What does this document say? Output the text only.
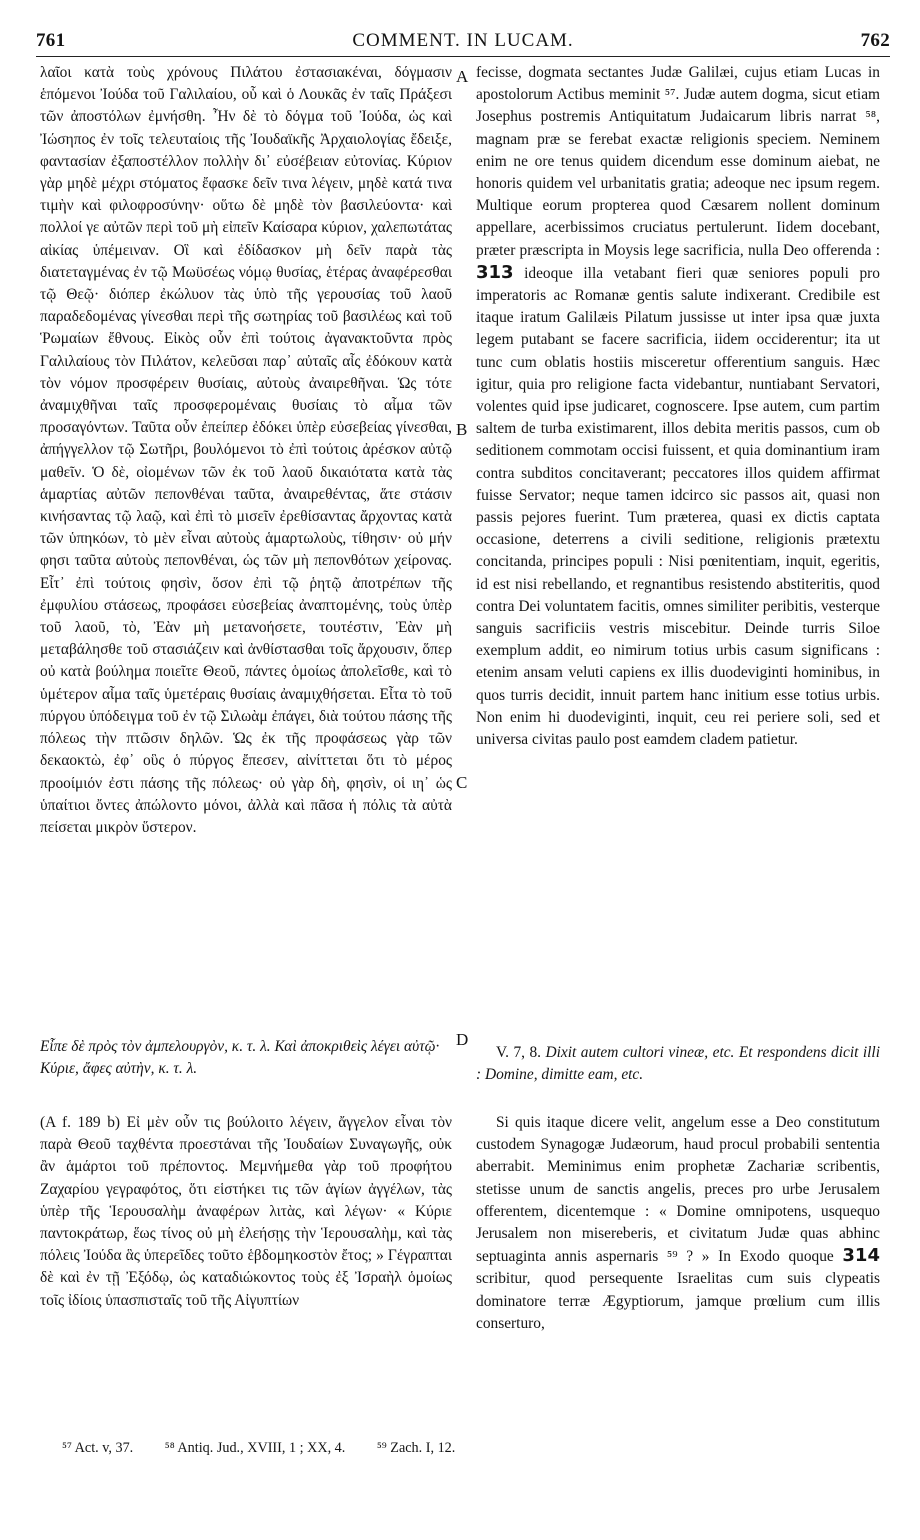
761	COMMENT. IN LUCAM.	762

λαῖοι κατὰ τοὺς χρόνους Πιλάτου ἐστασιακέναι, δόγμασιν ἑπόμενοι Ἰούδα τοῦ Γαλιλαίου, οὗ καὶ ὁ Λουκᾶς ἐν ταῖς Πράξεσι τῶν ἀποστόλων ἐμνήσθη. Ἦν δὲ τὸ δόγμα τοῦ Ἰούδα, ὡς καὶ Ἰώσηπος ἐν τοῖς τελευταίοις τῆς Ἰουδαϊκῆς Ἀρχαιολογίας ἔδειξε, φαντασίαν ἐξαποστέλλον πολλὴν δι᾽ εὐσέβειαν εὐτονίας. Κύριον γὰρ μηδὲ μέχρι στόματος ἔφασκε δεῖν τινα λέγειν, μηδὲ κατά τινα τιμὴν καὶ φιλοφροσύνην· οὕτω δὲ μηδὲ τὸν βασιλεύοντα· καὶ πολλοί γε αὐτῶν περὶ τοῦ μὴ εἰπεῖν Καίσαρα κύριον, χαλεπωτάτας αἰκίας ὑπέμειναν. Οἳ καὶ ἐδίδασκον μὴ δεῖν παρὰ τὰς διατεταγμένας ἐν τῷ Μωϋσέως νόμῳ θυσίας, ἑτέρας ἀναφέρεσθαι τῷ Θεῷ· διόπερ ἐκώλυον τὰς ὑπὸ τῆς γερουσίας τοῦ λαοῦ παραδεδομένας γίνεσθαι περὶ τῆς σωτηρίας τοῦ βασιλέως καὶ τοῦ Ῥωμαίων ἔθνους. Εἰκὸς οὖν ἐπὶ τούτοις ἀγανακτοῦντα πρὸς Γαλιλαίους τὸν Πιλάτον, κελεῦσαι παρ᾽ αὐταῖς αἷς ἐδόκουν κατὰ τὸν νόμον προσφέρειν θυσίαις, αὐτοὺς ἀναιρεθῆναι. Ὡς τότε ἀναμιχθῆναι ταῖς προσφερομέναις θυσίαις τὸ αἷμα τῶν προσαγόντων. Ταῦτα οὖν ἐπείπερ ἐδόκει ὑπὲρ εὐσεβείας γίνεσθαι, ἀπήγγελλον τῷ Σωτῆρι, βουλόμενοι τὸ ἐπὶ τούτοις ἀρέσκον αὐτῷ μαθεῖν. Ὁ δὲ, οἰομένων τῶν ἐκ τοῦ λαοῦ δικαιότατα κατὰ τὰς ἁμαρτίας αὐτῶν πεπονθέναι ταῦτα, ἀναιρεθέντας, ἅτε στάσιν κινήσαντας τῷ λαῷ, καὶ ἐπὶ τὸ μισεῖν ἐρεθίσαντας ἄρχοντας κατὰ τῶν ὑπηκόων, τὸ μὲν εἶναι αὐτοὺς ἁμαρτωλοὺς, τίθησιν· οὐ μήν φησι ταῦτα αὐτοὺς πεπονθέναι, ὡς τῶν μὴ πεπονθότων χείρονας. Εἶτ᾽ ἐπὶ τούτοις φησὶν, ὅσον ἐπὶ τῷ ῥητῷ ἀποτρέπων τῆς ἐμφυλίου στάσεως, προφάσει εὐσεβείας ἀναπτομένης, τοὺς ὑπὲρ τοῦ λαοῦ, τὸ, Ἐὰν μὴ μετανοήσετε, τουτέστιν, Ἐὰν μὴ μεταβάλησθε τοῦ στασιάζειν καὶ ἀνθίστασθαι τοῖς ἄρχουσιν, ὅπερ οὐ κατὰ βούλημα ποιεῖτε Θεοῦ, πάντες ὁμοίως ἀπολεῖσθε, καὶ τὸ ὑμέτερον αἷμα ταῖς ὑμετέραις θυσίαις ἀναμιχθήσεται. Εἶτα τὸ τοῦ πύργου ὑπόδειγμα τοῦ ἐν τῷ Σιλωὰμ ἐπάγει, διὰ τούτου πάσης τῆς πόλεως τὴν πτῶσιν δηλῶν. Ὡς ἐκ τῆς προφάσεως γὰρ τῶν δεκαοκτὼ, ἐφ᾽ οὓς ὁ πύργος ἔπεσεν, αἰνίττεται ὅτι τὸ μέρος προοίμιόν ἐστι πάσης τῆς πόλεως· οὐ γὰρ δὴ, φησὶν, οἱ ιη᾽ ὡς ὑπαίτιοι ὄντες ἀπώλοντο μόνοι, ἀλλὰ καὶ πᾶσα ἡ πόλις τὰ αὐτὰ πείσεται μικρὸν ὕστερον.

fecisse, dogmata sectantes Judæ Galilæi, cujus etiam Lucas in apostolorum Actibus meminit ⁵⁷. Judæ autem dogma, sicut etiam Josephus postremis Antiquitatum Judaicarum libris narrat ⁵⁸, magnam præ se ferebat exactæ religionis speciem. Neminem enim ne ore tenus quidem dicendum esse dominum aiebat, ne honoris quidem vel urbanitatis gratia; adeoque nec ipsum regem. Multique eorum propterea quod Cæsarem nollent dominum appellare, acerbissimos cruciatus pertulerunt. Iidem docebant, præter præscripta in Moysis lege sacrificia, nulla Deo offerenda : 313 ideoque illa vetabant fieri quæ seniores populi pro imperatoris ac Romanæ gentis salute indixerant. Credibile est itaque iratum Galilæis Pilatum jussisse ut inter ipsa quæ juxta legem putabant se facere sacrificia, iidem occiderentur; ita ut tunc cum oblatis hostiis misceretur offerentium sanguis. Hæc igitur, quia pro religione facta videbantur, nuntiabant Servatori, volentes quid ipse judicaret, cognoscere. Ipse autem, cum partim saltem de turba existimarent, illos debita meritis passos, cum ob seditionem commotam occisi fuissent, et quia dominantium iram contra subditos concitaverant; peccatores illos quidem affirmat fuisse Servator; neque tamen idcirco sic passos ait, quasi non passis pejores fuerint. Tum præterea, quasi ex dictis captata occasione, deterrens a civili seditione, religionis prætextu concitanda, principes populi : Nisi pœnitentiam, inquit, egeritis, id est nisi rebellando, et regnantibus resistendo abstiteritis, quod contra Dei voluntatem facitis, omnes similiter peribitis, vesterque sanguis sacrificiis vestris miscebitur. Deinde turris Siloe exemplum addit, eo nimirum totius urbis casum significans : etenim ansam veluti capiens ex illis duodeviginti hominibus, in quos turris decidit, innuit partem hanc initium esse totius urbis. Non enim hi duodeviginti, inquit, ceu rei periere soli, sed et universa civitas paulo post eamdem cladem patietur.

A
B
C
D

Εἶπε δὲ πρὸς τὸν ἀμπελουργὸν, κ. τ. λ. Καὶ ἀποκριθεὶς λέγει αὐτῷ· Κύριε, ἄφες αὐτὴν, κ. τ. λ.

V. 7, 8. Dixit autem cultori vineæ, etc. Et respondens dicit illi : Domine, dimitte eam, etc.

(A f. 189 b) Εἰ μὲν οὖν τις βούλοιτο λέγειν, ἄγγελον εἶναι τὸν παρὰ Θεοῦ ταχθέντα προεστάναι τῆς Ἰουδαίων Συναγωγῆς, οὐκ ἂν ἁμάρτοι τοῦ πρέποντος. Μεμνήμεθα γὰρ τοῦ προφήτου Ζαχαρίου γεγραφότος, ὅτι εἱστήκει τις τῶν ἁγίων ἀγγέλων, τὰς ὑπὲρ τῆς Ἱερουσαλὴμ ἀναφέρων λιτὰς, καὶ λέγων· « Κύριε παντοκράτωρ, ἕως τίνος οὐ μὴ ἐλεήσῃς τὴν Ἱερουσαλὴμ, καὶ τὰς πόλεις Ἰούδα ἃς ὑπερεῖδες τοῦτο ἑβδομηκοστὸν ἔτος; » Γέγραπται δὲ καὶ ἐν τῇ Ἐξόδῳ, ὡς καταδιώκοντος τοὺς ἐξ Ἰσραὴλ ὁμοίως τοῖς ἰδίοις ὑπασπισταῖς τοῦ τῆς Αἰγυπτίων

Si quis itaque dicere velit, angelum esse a Deo constitutum custodem Synagogæ Judæorum, haud procul probabili sententia aberrabit. Meminimus enim prophetæ Zachariæ scribentis, stetisse unum de sanctis angelis, preces pro urbe Jerusalem offerentem, dicentemque : « Domine omnipotens, usquequo Jerusalem non misereberis, et civitatum Judæ quas abhinc septuaginta annis aspernaris ⁵⁹ ? » In Exodo quoque 314 scribitur, quod persequente Israelitas cum suis clypeatis dominatore terræ Ægyptiorum, jamque prœlium cum illis conserturo,

⁵⁷ Act. v, 37. ⁵⁸ Antiq. Jud., XVIII, 1 ; XX, 4. ⁵⁹ Zach. I, 12.
